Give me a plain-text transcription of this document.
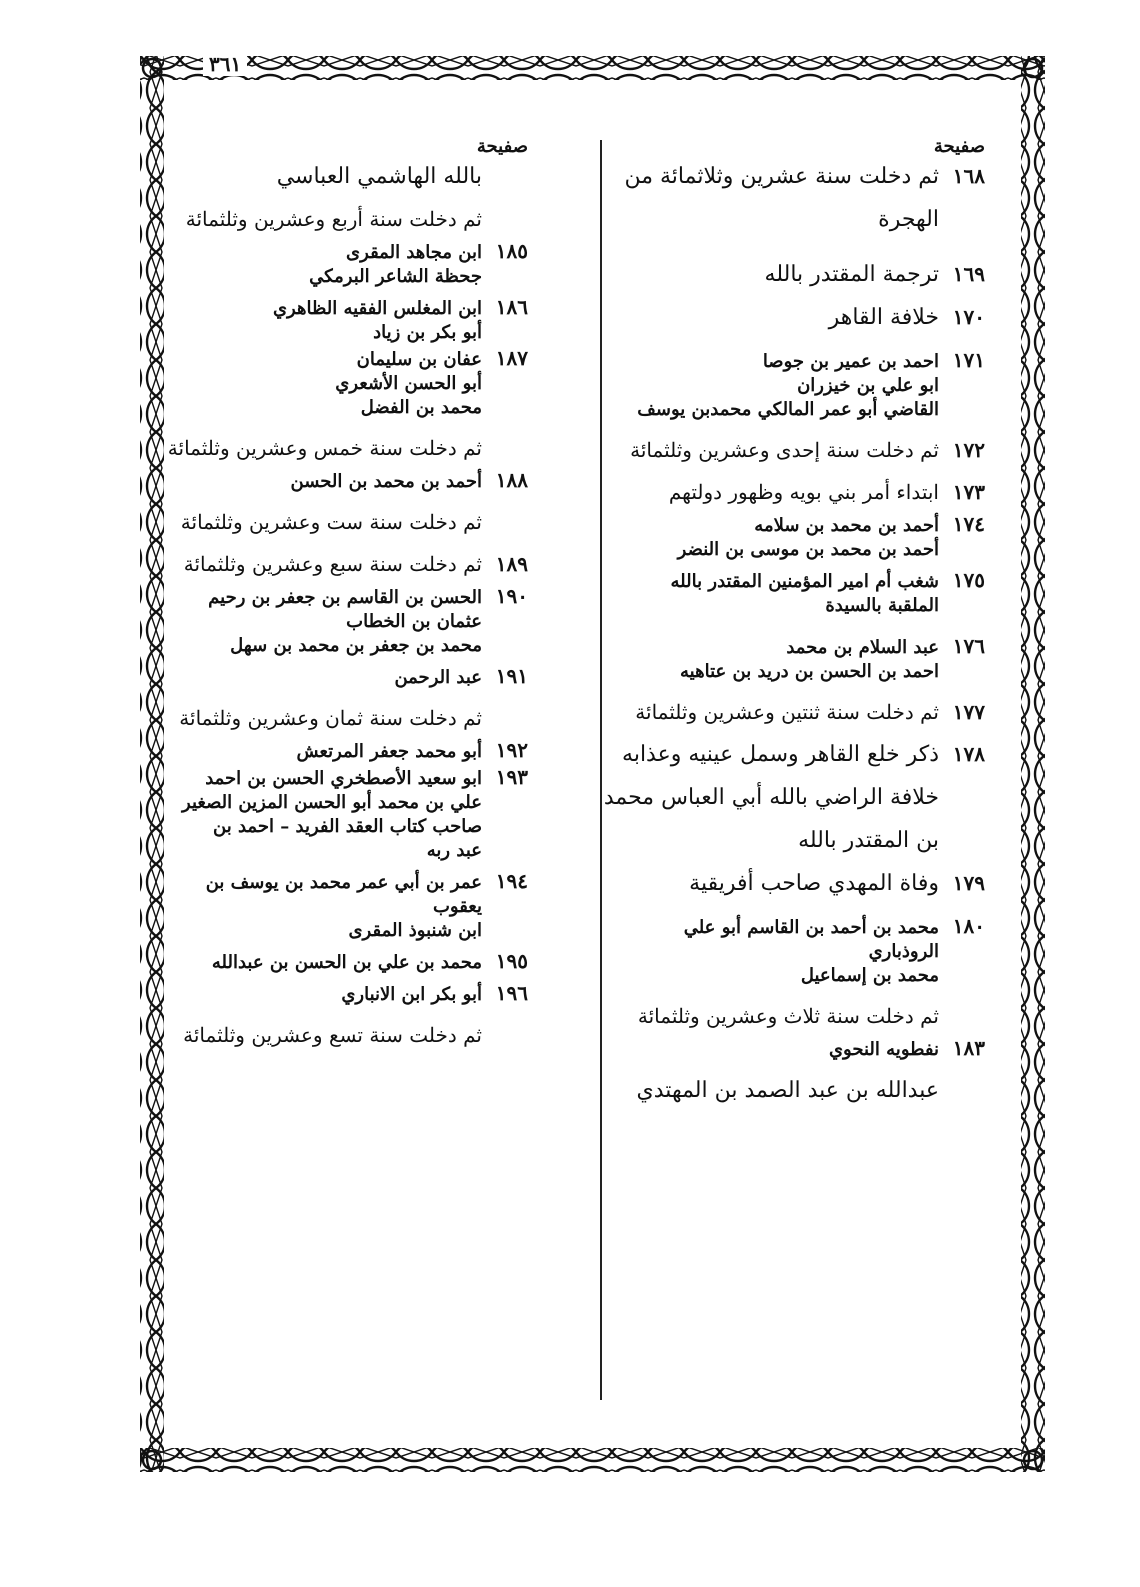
٣٦١
صفيحة
١٦٨
ثم دخلت سنة عشرين وثلاثمائة من
الهجرة
١٦٩
ترجمة المقتدر بالله
١٧٠
خلافة القاهر
١٧١
احمد بن عمير بن جوصا
ابو علي بن خيزران
القاضي أبو عمر المالكي محمدبن يوسف
١٧٢
ثم دخلت سنة إحدى وعشرين وثلثمائة
١٧٣
ابتداء أمر بني بويه وظهور دولتهم
١٧٤
أحمد بن محمد بن سلامه
أحمد بن محمد بن موسى بن النضر
١٧٥
شغب أم امير المؤمنين المقتدر بالله
الملقبة بالسيدة
١٧٦
عبد السلام بن محمد
احمد بن الحسن بن دريد بن عتاهيه
١٧٧
ثم دخلت سنة ثنتين وعشرين وثلثمائة
١٧٨
ذكر خلع القاهر وسمل عينيه وعذابه
خلافة الراضي بالله أبي العباس محمد
بن المقتدر بالله
١٧٩
وفاة المهدي صاحب أفريقية
١٨٠
محمد بن أحمد بن القاسم أبو علي
الروذباري
محمد بن إسماعيل
ثم دخلت سنة ثلاث وعشرين وثلثمائة
١٨٣
نفطويه النحوي
عبدالله بن عبد الصمد بن المهتدي
صفيحة
بالله الهاشمي العباسي
ثم دخلت سنة أربع وعشرين وثلثمائة
١٨٥
ابن مجاهد المقرى
جحظة الشاعر البرمكي
١٨٦
ابن المغلس الفقيه الظاهري
أبو بكر بن زياد
١٨٧
عفان بن سليمان
أبو الحسن الأشعري
محمد بن الفضل
ثم دخلت سنة خمس وعشرين وثلثمائة
١٨٨
أحمد بن محمد بن الحسن
ثم دخلت سنة ست وعشرين وثلثمائة
١٨٩
ثم دخلت سنة سبع وعشرين وثلثمائة
١٩٠
الحسن بن القاسم بن جعفر بن رحيم
عثمان بن الخطاب
محمد بن جعفر بن محمد بن سهل
١٩١
عبد الرحمن
ثم دخلت سنة ثمان وعشرين وثلثمائة
١٩٢
أبو محمد جعفر المرتعش
١٩٣
ابو سعيد الأصطخري الحسن بن احمد
علي بن محمد أبو الحسن المزين الصغير
صاحب كتاب العقد الفريد – احمد بن
عبد ربه
١٩٤
عمر بن أبي عمر محمد بن يوسف بن
يعقوب
ابن شنبوذ المقرى
١٩٥
محمد بن علي بن الحسن بن عبدالله
١٩٦
أبو بكر ابن الانباري
ثم دخلت سنة تسع وعشرين وثلثمائة
